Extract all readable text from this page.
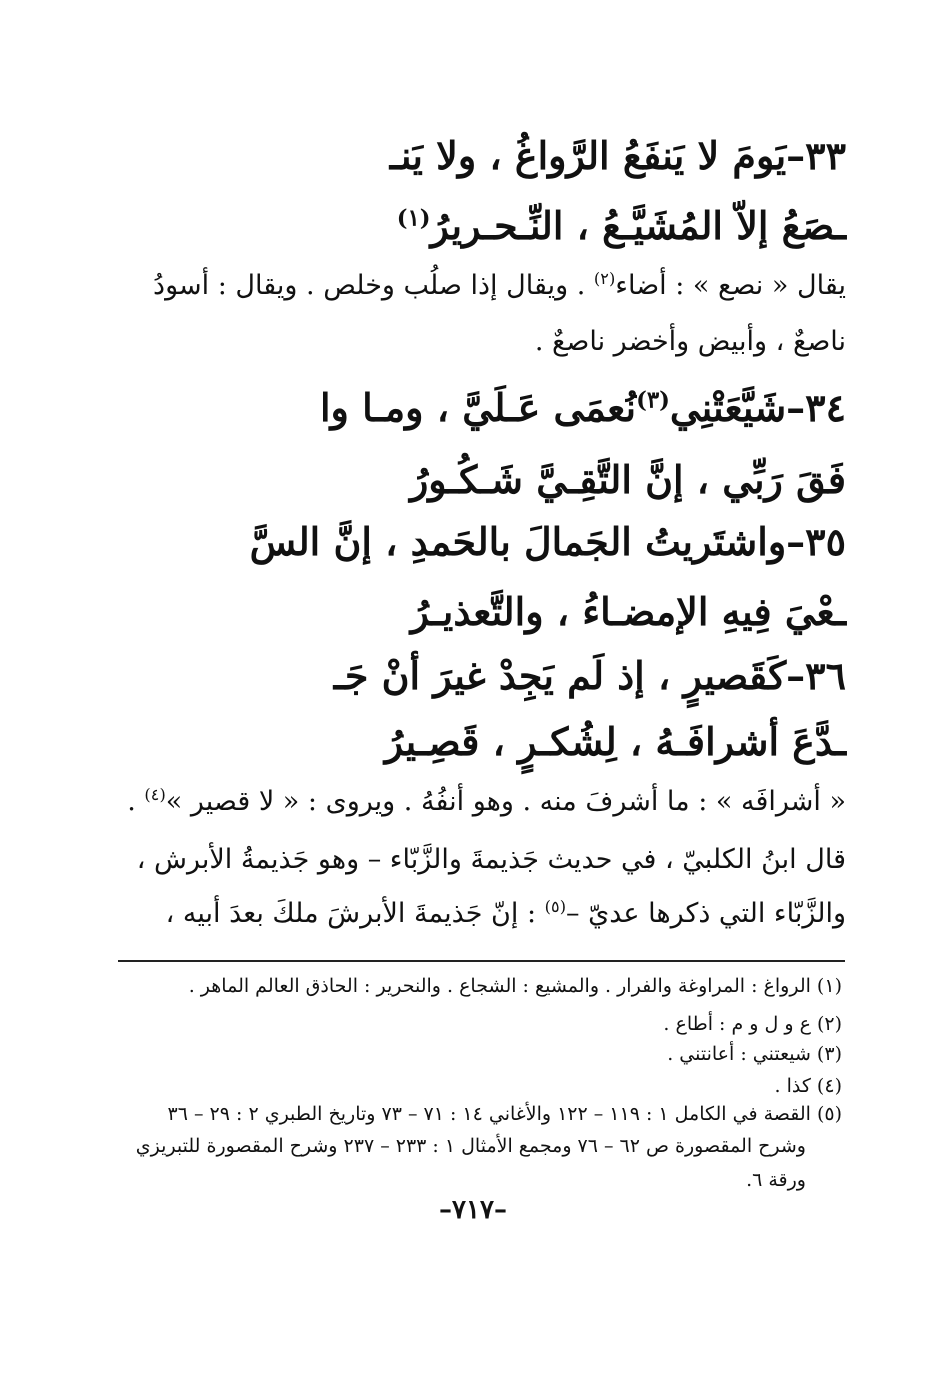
٣٣–يَومَ لا يَنفَعُ الرَّواغُ ، ولا يَنـ
ـصَعُ إلاّ المُشَيَّـعُ ، النِّـحـريرُ$^{(١)}$
يقال « نصع » : أضاء$^{(٢)}$ . ويقال إذا صلُب وخلص . ويقال : أسودُ
ناصعٌ ، وأبيض وأخضر ناصعٌ .
٣٤–شَيَّعَتْنِي$^{(٣)}$نُعمَى عَـلَيَّ ، ومـا وا
فَقَ رَبِّي ، إنَّ التَّقِـيَّ شَـكُـورُ
٣٥–واشتَريتُ الجَمالَ بالحَمدِ ، إنَّ السَّ
ـعْيَ فِيهِ الإمضـاءُ ، والتَّعذيـرُ
٣٦–كَقَصيرٍ ، إذ لَم يَجِدْ غيرَ أنْ جَـ
ـدَّعَ أشرافَـهُ ، لِشُكـرٍ ، قَصِـيرُ
« أشرافَه » : ما أشرفَ منه . وهو أنفُهُ . ويروى : « لا قصير »$^{(٤)}$ .
قال ابنُ الكلبيّ ، في حديث جَذيمةَ والزَّبّاء – وهو جَذيمةُ الأبرش ،
والزَّبّاء التي ذكرها عديّ –$^{(٥)}$ : إنّ جَذيمةَ الأبرشَ ملكَ بعدَ أبيه ،
(١) الرواغ : المراوغة والفرار . والمشيع : الشجاع . والنحرير : الحاذق العالم الماهر .
(٢) ع و ل و م : أطاع .
(٣) شيعتني : أعانتني .
(٤) كذا .
(٥) القصة في الكامل ١ : ١١٩ – ١٢٢ والأغاني ١٤ : ٧١ – ٧٣ وتاريخ الطبري ٢ : ٢٩ – ٣٦
وشرح المقصورة ص ٦٢ – ٧٦ ومجمع الأمثال ١ : ٢٣٣ – ٢٣٧ وشرح المقصورة للتبريزي
ورقة ٦.
–٧١٧–
